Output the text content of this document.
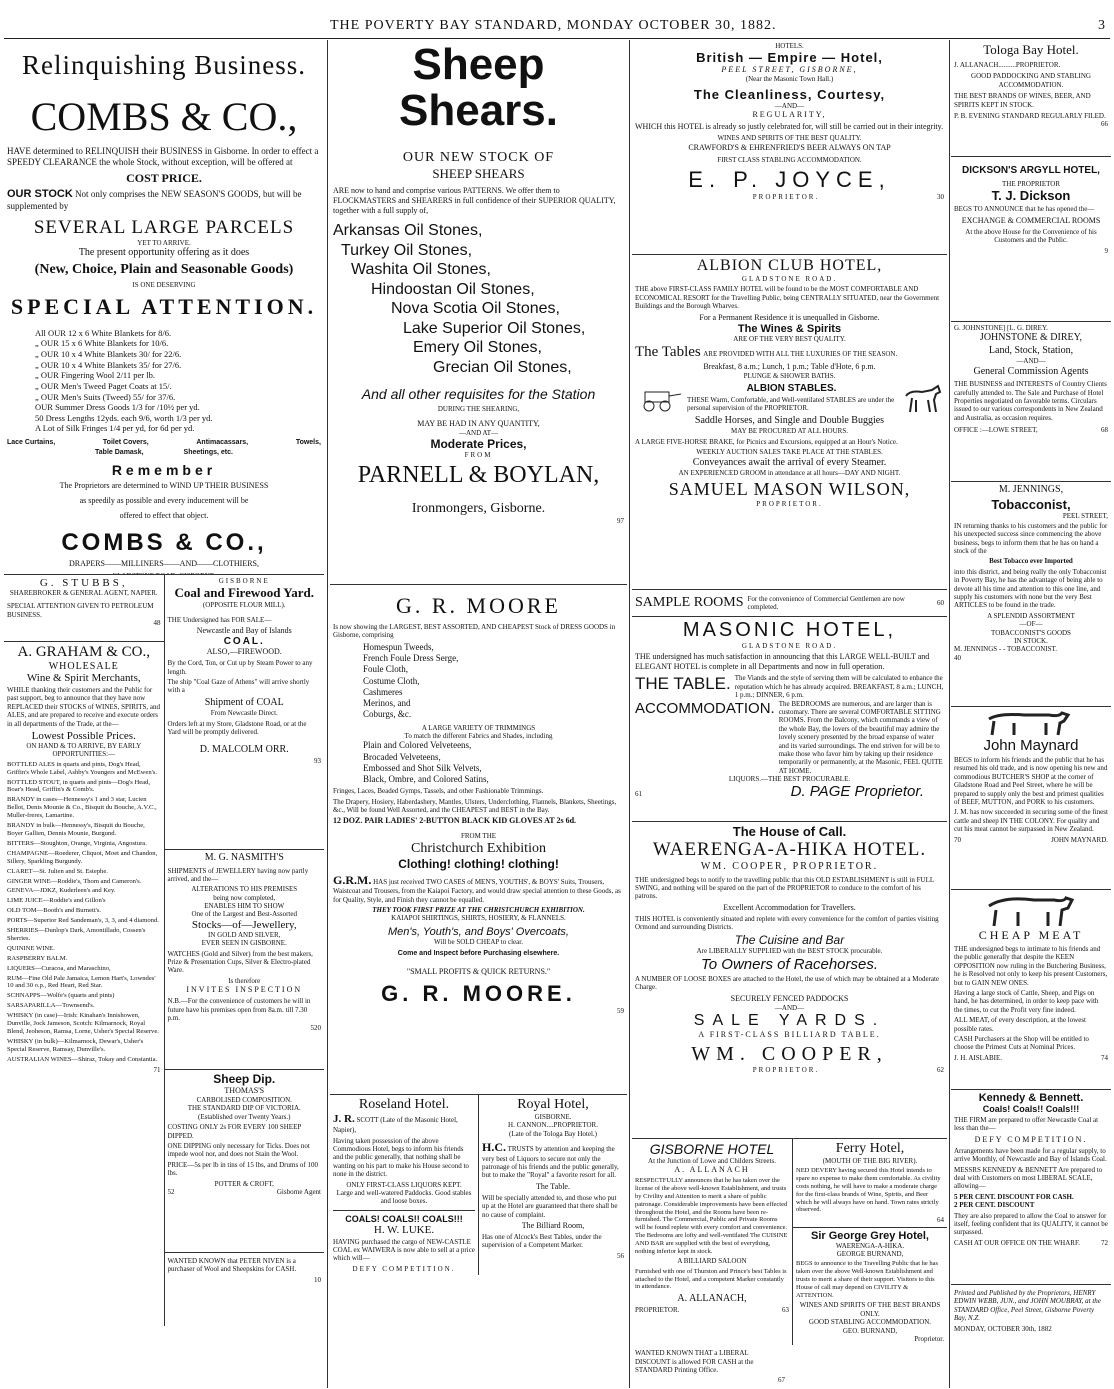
THE POVERTY BAY STANDARD, MONDAY OCTOBER 30, 1882.	3
Relinquishing Business.
COMBS & CO.,

HAVE determined to RELINQUISH their BUSINESS in Gisborne. In order to effect a SPEEDY CLEARANCE the whole Stock, without exception, will be offered at

COST PRICE.

OUR STOCK Not only comprises the NEW SEASON'S GOODS, but will be supplemented by

SEVERAL LARGE PARCELS
YET TO ARRIVE.
The present opportunity offering as it does
(New, Choice, Plain and Seasonable Goods)
IS ONE DESERVING
SPECIAL ATTENTION.
All OUR 12 x 6 White Blankets for 8/6.
„ OUR 15 x 6 White Blankets for 10/6.
„ OUR 10 x 4 White Blankets 30/ for 22/6.
„ OUR 10 x 4 White Blankets 35/ for 27/6.
„ OUR Fingering Wool 2/11 per lb.
„ OUR Men's Tweed Paget Coats at 15/.
„ OUR Men's Suits (Tweed) 55/ for 37/6.
OUR Summer Dress Goods 1/3 for /10½ per yd.
50 Dress Lengths 12yds. each 9/6, worth 1/3 per yd.
A Lot of Silk Fringes 1/4 per yd, for 6d per yd.
Lace Curtains,	Toilet Covers,	Antimacassars,	Towels,
Table Damask,	Sheetings, etc.
Remember
The Proprietors are determined to WIND UP THEIR BUSINESS
as speedily as possible and every inducement will be
offered to effect that object.
COMBS & CO.,
DRAPERS——MILLINERS——AND——CLOTHIERS,
G. STUBBS,
SHAREBROKER & GENERAL AGENT, NAPIER.
SPECIAL ATTENTION GIVEN TO PETROLEUM BUSINESS.
48
A. GRAHAM & CO.,
WHOLESALE
Wine & Spirit Merchants,

WHILE thanking their customers and the Public for past support, beg to announce that they have now REPLACED their STOCKS of WINES, SPIRITS, and ALES, and are prepared to receive and execute orders in all departments of the Trade, at the—

Lowest Possible Prices.
ON HAND & TO ARRIVE, BY EARLY OPPORTUNITIES:—

BOTTLED ALES in quarts and pints, Dog's Head, Griffin's Whole Label, Ashby's Youngers and McEwen's.

BOTTLED STOUT, in quarts and pints—Dog's Head, Boar's Head, Griffin's & Comb's.

BRANDY in cases—Hennessy's 1 and 3 star, Lucien Bellot, Denis Mounie & Co., Bisquit du Bouche, A.V.C., Muller-freres, Lamartine.

BRANDY in bulk—Hennessy's, Bisquit du Bouche, Boyer Gallien, Dennis Mounie, Burgund.

BITTERS—Stoughton, Orange, Virginia, Angostura.

CHAMPAGNE—Roederer, Cliquot, Moet and Chandon, Sillery, Sparkling Burgundy.

CLARET—St. Julien and St. Estephe.

GINGER WINE—Roddie's, Thom and Cameron's.

GENEVA—JDKZ, Kuderleen's and Key.

LIME JUICE—Roddie's and Gillon's

OLD TOM—Booth's and Burnett's.

PORTS—Superior Red Sandeman's, 3, 3, and 4 diamond.

SHERRIES—Dunlop's Dark, Amontillado, Cossen's Sherries.

QUININE WINE.

RASPBERRY BALM.

LIQUERS—Curacoa, and Maraschino,

RUM—Fine Old Pale Jamaica, Lemon Hart's, Lowndes' 10 and 30 o.p., Red Heart, Red Star.

SCHNAPPS—Wolfe's (quarts and pints)

SARSAPARILLA—Townsend's.

WHISKY (in case)—Irish: Kinahan's Innishowen, Dunville, Jock Jameson, Scotch: Kilmarnock, Royal Blend, Jeoheson, Ramsa, Lorne, Usher's Special Reserve.

WHISKY (in bulk)—Kilmarnock, Dewar's, Usher's Special Reserve, Ramsay, Dunville's.

AUSTRALIAN WINES—Shiraz, Tokay and Constantia.

71
GISBORNE
Coal and Firewood Yard.
(OPPOSITE FLOUR MILL).

THE Undersigned has FOR SALE—

Newcastle and Bay of Islands
COAL.
ALSO,—FIREWOOD.

By the Cord, Ton, or Cut up by Steam Power to any length.

The ship "Coal Gaze of Athens" will arrive shortly with a

Shipment of COAL
From Newcastle Direct.

Orders left at my Store, Gladstone Road, or at the Yard will be promptly delivered.

D. MALCOLM ORR.
93
M. G. NASMITH'S

SHIPMENTS of JEWELLERY having now partly arrived, and the—

ALTERATIONS TO HIS PREMISES
being now completed,
ENABLES HIM TO SHOW
One of the Largest and Best-Assorted
Stocks—of—Jewellery,
IN GOLD AND SILVER,
EVER SEEN IN GISBORNE.

WATCHES (Gold and Silver) from the best makers, Prize & Presentation Cups, Silver & Electro-plated Ware.

Is therefore
INVITES INSPECTION

N.B.—For the convenience of customers he will in future have his premises open from 8a.m. till 7.30 p.m.

520
Sheep Dip.
THOMAS'S
CARBOLISED COMPOSITION.
THE STANDARD DIP OF VICTORIA.
(Established over Twenty Years.)

COSTING ONLY 2s FOR EVERY 100 SHEEP DIPPED.

ONE DIPPING only necessary for Ticks. Does not impede wool nor, and does not Stain the Wool.

PRICE—5s per lb in tins of 15 lbs, and Drums of 100 lbs.

POTTER & CROFT,
52	Gisborne Agent

WANTED KNOWN that PETER NIVEN is a purchaser of Wool and Sheepskins for CASH.

10
Sheep Shears.
OUR NEW STOCK OF
SHEEP SHEARS

ARE now to hand and comprise various PATTERNS. We offer them to FLOCKMASTERS and SHEARERS in full confidence of their SUPERIOR QUALITY, together with a full supply of,

Arkansas Oil Stones,
Turkey Oil Stones,
Washita Oil Stones,
Hindoostan Oil Stones,
Nova Scotia Oil Stones,
Lake Superior Oil Stones,
Emery Oil Stones,
Grecian Oil Stones,
And all other requisites for the Station
DURING THE SHEARING,
MAY BE HAD IN ANY QUANTITY,
—AND AT—
Moderate Prices,
FROM
PARNELL & BOYLAN,
Ironmongers, Gisborne.
97
G. R. MOORE

Is now showing the LARGEST, BEST ASSORTED, AND CHEAPEST Stock of DRESS GOODS in Gisborne, comprising

Homespun Tweeds,
French Foule Dress Serge,
Foule Cloth,
Costume Cloth,
Cashmeres
Merinos, and
Coburgs, &c.
A LARGE VARIETY OF TRIMMINGS
To match the different Fabrics and Shades, including
Plain and Colored Velveteens,
Brocaded Velveteens,
Embossed and Shot Silk Velvets,
Black, Ombre, and Colored Satins,

Fringes, Laces, Beaded Gymps, Tassels, and other Fashionable Trimmings.

The Drapery, Hosiery, Haberdashery, Mantles, Ulsters, Underclothing, Flannels, Blankets, Sheetings, &c., Will be found Well Assorted, and the CHEAPEST and BEST in the Bay.

12 DOZ. PAIR LADIES' 2-BUTTON BLACK KID GLOVES AT 2s 6d.
FROM THE
Christchurch Exhibition
Clothing! clothing! clothing!

G.R.M. HAS just received TWO CASES of MEN'S, YOUTHS', & BOYS' Suits, Trousers, Waistcoat and Trousers, from the Kaiapoi Factory, and would draw special attention to these Goods, as for Quality, Style, and Finish they cannot be equalled.

THEY TOOK FIRST PRIZE AT THE CHRISTCHURCH EXHIBITION.
KAIAPOI SHIRTINGS, SHIRTS, HOSIERY, & FLANNELS.
Men's, Youth's, and Boys' Overcoats,
Will be SOLD CHEAP to clear.
Come and Inspect before Purchasing elsewhere.
"SMALL PROFITS & QUICK RETURNS."
G. R. MOORE.
59
Roseland Hotel.
J. R. SCOTT (Late of the Masonic Hotel, Napier),

Having taken possession of the above Commodious Hotel, begs to inform his friends and the public generally, that nothing shall be wanting on his part to make his House second to none in the district.

ONLY FIRST-CLASS LIQUORS KEPT.
Large and well-watered Paddocks. Good stables and loose boxes.
COALS! COALS!! COALS!!!
H. W. LUKE.

HAVING purchased the cargo of NEW-CASTLE COAL ex WAIWERA is now able to sell at a price which will—

DEFY COMPETITION.
Royal Hotel,
GISBORNE.
H. CANNON....PROPRIETOR.
(Late of the Tologa Bay Hotel.)

H.C. TRUSTS by attention and keeping the very best of Liquors to secure not only the patronage of his friends and the public generally, but to make the "Royal" a favorite resort for all.

The Table.

Will be specially attended to, and those who put up at the Hotel are guaranteed that there shall be no cause of complaint.

The Billiard Room,

Has one of Alcock's Best Tables, under the supervision of a Competent Marker.

56
HOTELS.
British — Empire — Hotel,
PEEL STREET, GISBORNE,
(Near the Masonic Town Hall.)
The Cleanliness, Courtesy,
—AND—
REGULARITY,

WHICH this HOTEL is already so justly celebrated for, will still be carried out in their integrity.

WINES AND SPIRITS OF THE BEST QUALITY.
CRAWFORD'S & EHRENFRIED'S BEER ALWAYS ON TAP
FIRST CLASS STABLING ACCOMMODATION.
E. P. JOYCE,
PROPRIETOR.	30
ALBION CLUB HOTEL,
GLADSTONE ROAD.

THE above FIRST-CLASS FAMILY HOTEL will be found to be the MOST COMFORTABLE AND ECONOMICAL RESORT for the Travelling Public, being CENTRALLY SITUATED, near the Government Buildings and the Borough Wharves.

For a Permanent Residence it is unequalled in Gisborne.
The Wines & Spirits
ARE OF THE VERY BEST QUALITY.
The Tables ARE PROVIDED WITH ALL THE LUXURIES OF THE SEASON.
Breakfast, 8 a.m.; Lunch, 1 p.m.; Table d'Hote, 6 p.m.
PLUNGE & SHOWER BATHS.
ALBION STABLES.

THESE Warm, Comfortable, and Well-ventilated STABLES are under the personal supervision of the PROPRIETOR.

Saddle Horses, and Single and Double Buggies
MAY BE PROCURED AT ALL HOURS.

A LARGE FIVE-HORSE BRAKE, for Picnics and Excursions, equipped at an Hour's Notice.

WEEKLY AUCTION SALES TAKE PLACE AT THE STABLES.
Conveyances await the arrival of every Steamer.
AN EXPERIENCED GROOM in attendance at all hours—DAY AND NIGHT.
SAMUEL MASON WILSON,
PROPRIETOR.
SAMPLE ROOMS For the convenience of Commercial Gentlemen are now completed.
60
MASONIC HOTEL,
GLADSTONE ROAD.

THE undersigned has much satisfaction in announcing that this LARGE WELL-BUILT and ELEGANT HOTEL is complete in all Departments and now in full operation.

THE TABLE. The Viands and the style of serving them will be calculated to enhance the reputation which he has already acquired. BREAKFAST, 8 a.m.; LUNCH, 1 p.m.; DINNER, 6 p.m.
ACCOMMODATION. The BEDROOMS are numerous, and are larger than is customary. There are several COMFORTABLE SITTING ROOMS. From the Balcony, which commands a view of the whole Bay, the lovers of the beautiful may admire the lovely scenery presented by the broad expanse of water and its varied surroundings. The end striven for will be to make those who favor him by taking up their residence temporarily or permanently, at the Masonic, FEEL QUITE AT HOME.
LIQUORS.—THE BEST PROCURABLE.
61	D. PAGE Proprietor.
The House of Call.
WAERENGA-A-HIKA HOTEL.
WM. COOPER, PROPRIETOR.

THE undersigned begs to notify to the travelling public that this OLD ESTABLISHMENT is still in FULL SWING, and nothing will be spared on the part of the PROPRIETOR to conduce to the comfort of his patrons.

Excellent Accommodation for Travellers.

THIS HOTEL is conveniently situated and replete with every convenience for the comfort of parties visiting Ormond and surrounding Districts.

The Cuisine and Bar
Are LIBERALLY SUPPLIED with the BEST STOCK procurable.
To Owners of Racehorses.

A NUMBER OF LOOSE BOXES are attached to the Hotel, the use of which may be obtained at a Moderate Charge.

SECURELY FENCED PADDOCKS
—AND—
SALE YARDS.
A FIRST-CLASS BILLIARD TABLE.
WM. COOPER,
PROPRIETOR.	62
GISBORNE HOTEL
At the Junction of Lowe and Childers Streets.
A. ALLANACH

RESPECTFULLY announces that he has taken over the license of the above well-known Establishment, and trusts by Civility and Attention to merit a share of public patronage. Considerable improvements have been effected throughout the Hotel, and the Rooms have been re-furnished. The Commercial, Public and Private Rooms will be found replete with every comfort and convenience. The Bedrooms are lofty and well-ventilated The CUISINE AND BAR are supplied with the best of everything, nothing inferior kept in stock.

A BILLIARD SALOON

Furnished with one of Thurston and Prince's best Tables is attached to the Hotel, and a competent Marker constantly in attendance.

A. ALLANACH,
PROPRIETOR.	63
Ferry Hotel,
(MOUTH OF THE BIG RIVER).

NED DEVERY having secured this Hotel intends to spare no expense to make them comfortable. As civility costs nothing, he will have to make a moderate charge for the first-class brands of Wine, Spirits, and Beer which he will always have on hand. Town rates strictly observed.

64
Sir George Grey Hotel,
WAERENGA-A-HIKA.
GEORGE BURNAND,

BEGS to announce to the Travelling Public that he has taken over the above Well-known Establishment and trusts to merit a share of their support. Visitors to this House of call may depend on CIVILITY & ATTENTION.

WINES AND SPIRITS OF THE BEST BRANDS ONLY.
GOOD STABLING ACCOMMODATION.
GEO. BURNAND,
Proprietor.

WANTED KNOWN THAT a LIBERAL DISCOUNT is allowed FOR CASH at the STANDARD Printing Office.

67
Tologa Bay Hotel.
J. ALLANACH..........PROPRIETOR.
GOOD PADDOCKING AND STABLING ACCOMMODATION.
THE BEST BRANDS OF WINES, BEER, AND SPIRITS KEPT IN STOCK.
P. B. EVENING STANDARD REGULARLY FILED.
66
DICKSON'S ARGYLL HOTEL,
THE PROPRIETOR
T. J. Dickson

BEGS TO ANNOUNCE that he has opened the—

EXCHANGE & COMMERCIAL ROOMS

At the above House for the Convenience of his Customers and the Public.

9
G. JOHNSTONE] [L. G. DIREY.
JOHNSTONE & DIREY,
Land, Stock, Station,
—AND—
General Commission Agents

THE BUSINESS and INTERESTS of Country Clients carefully attended to. The Sale and Purchase of Hotel Properties negotiated on favorable terms. Circulars issued to our various correspondents in New Zealand and Australia, as occasion requires.

OFFICE :—LOWE STREET,	68
M. JENNINGS,
Tobacconist,
PEEL STREET,

IN returning thanks to his customers and the public for his unexpected success since commencing the above business, begs to inform them that he has on hand a stock of the

Best Tobacco ever Imported

into this district, and being really the only Tobacconist in Poverty Bay, he has the advantage of being able to devote all his time and attention to this one line, and supply his customers with none but the very Best ARTICLES to be found in the trade.

A SPLENDID ASSORTMENT
—OF—
TOBACCONIST'S GOODS
IN STOCK.
M. JENNINGS - - TOBACCONIST.
40
John Maynard

BEGS to inform his friends and the public that he has resumed his old trade, and is now opening his new and commodious BUTCHER'S SHOP at the corner of Gladstone Road and Peel Street, where he will be prepared to supply only the best and primest qualities of BEEF, MUTTON, and PORK to his customers.

J. M. has now succeeded in securing some of the finest cattle and sheep IN THE COLONY. For quality and cut his meat cannot be surpassed in New Zealand.

70	JOHN MAYNARD.
CHEAP MEAT

THE undersigned begs to intimate to his friends and the public generally that despite the KEEN OPPOSITION now ruling in the Butchering Business, he is Resolved not only to keep his present Customers, but to GAIN NEW ONES.

Having a large stock of Cattle, Sheep, and Pigs on hand, he has determined, in order to keep pace with the times, to cut the Profit very fine indeed.

ALL MEAT, of every description, at the lowest possible rates.

CASH Purchasers at the Shop will be entitled to choose the Primest Cuts at Nominal Prices.

J. H. AISLABIE.	74
Kennedy & Bennett.
Coals! Coals!! Coals!!!

THE FIRM are prepared to offer Newcastle Coal at less than the—

DEFY COMPETITION.

Arrangements have been made for a regular supply, to arrive Monthly, of Newcastle and Bay of Islands Coal.

MESSRS KENNEDY & BENNETT Are prepared to deal with Customers on most LIBERAL SCALE, allowing—

5 PER CENT. DISCOUNT FOR CASH.
2 PER CENT. DISCOUNT

They are also prepared to allow the Coal to answer for itself, feeling confident that its QUALITY, it cannot be surpassed.

CASH AT OUR OFFICE ON THE WHARF.	72

Printed and Published by the Proprietors, HENRY EDWIN WEBB, JUN., and JOHN MOUBRAY, at the STANDARD Office, Peel Street, Gisborne Poverty Bay, N.Z.

MONDAY, OCTOBER 30th, 1882
